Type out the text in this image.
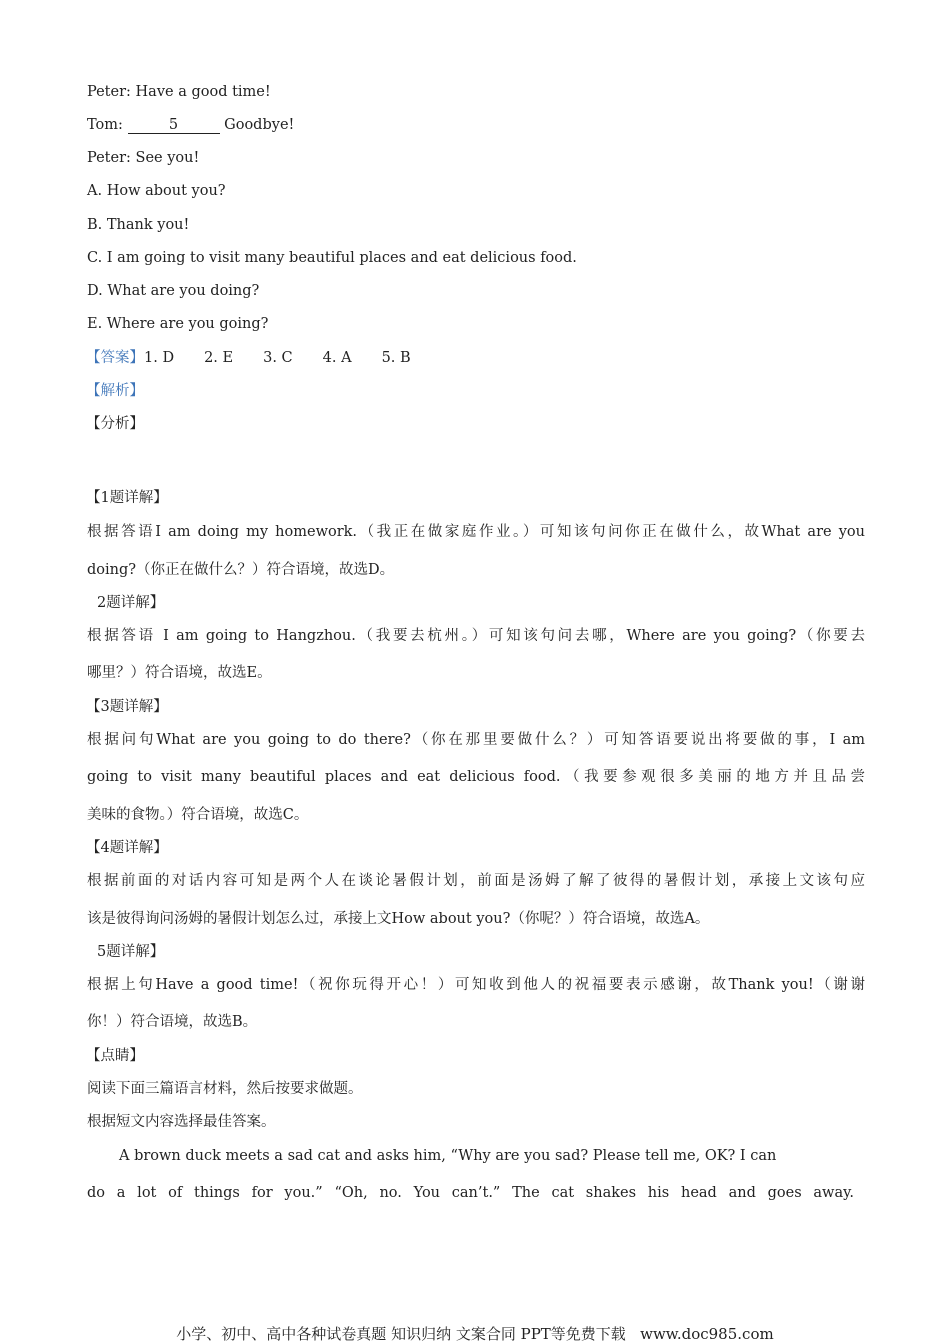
Peter: Have a good time!
Tom:	5	Goodbye!
Peter: See you!
A. How about you?
B. Thank you!
C. I am going to visit many beautiful places and eat delicious food.
D. What are you doing?
E. Where are you going?
【答案】1. D 2. E 3. C 4. A 5. B
【解析】
【分析】
【1题详解】
根据答语I am doing my homework.（我正在做家庭作业。）可知该句问你正在做什么，故What are you
doing?（你正在做什么？）符合语境，故选D。
2题详解】
根据答语 I am going to Hangzhou.（我要去杭州。）可知该句问去哪，Where are you going?（你要去
哪里？）符合语境，故选E。
【3题详解】
根据问句What are you going to do there?（你在那里要做什么？）可知答语要说出将要做的事，I am
going to visit many beautiful places and eat delicious food.（我要参观很多美丽的地方并且品尝
美味的食物。）符合语境，故选C。
【4题详解】
根据前面的对话内容可知是两个人在谈论暑假计划，前面是汤姆了解了彼得的暑假计划，承接上文该句应
该是彼得询问汤姆的暑假计划怎么过，承接上文How about you?（你呢？）符合语境，故选A。
5题详解】
根据上句Have a good time!（祝你玩得开心！）可知收到他人的祝福要表示感谢，故Thank you!（谢谢
你！）符合语境，故选B。
【点睛】
阅读下面三篇语言材料，然后按要求做题。
根据短文内容选择最佳答案。
A brown duck meets a sad cat and asks him, “Why are you sad? Please tell me, OK? I can
do a lot of things for you.” “Oh, no. You can’t.” The cat shakes his head and goes away.
小学、初中、高中各种试卷真题 知识归纳 文案合同 PPT等免费下载   www.doc985.com
